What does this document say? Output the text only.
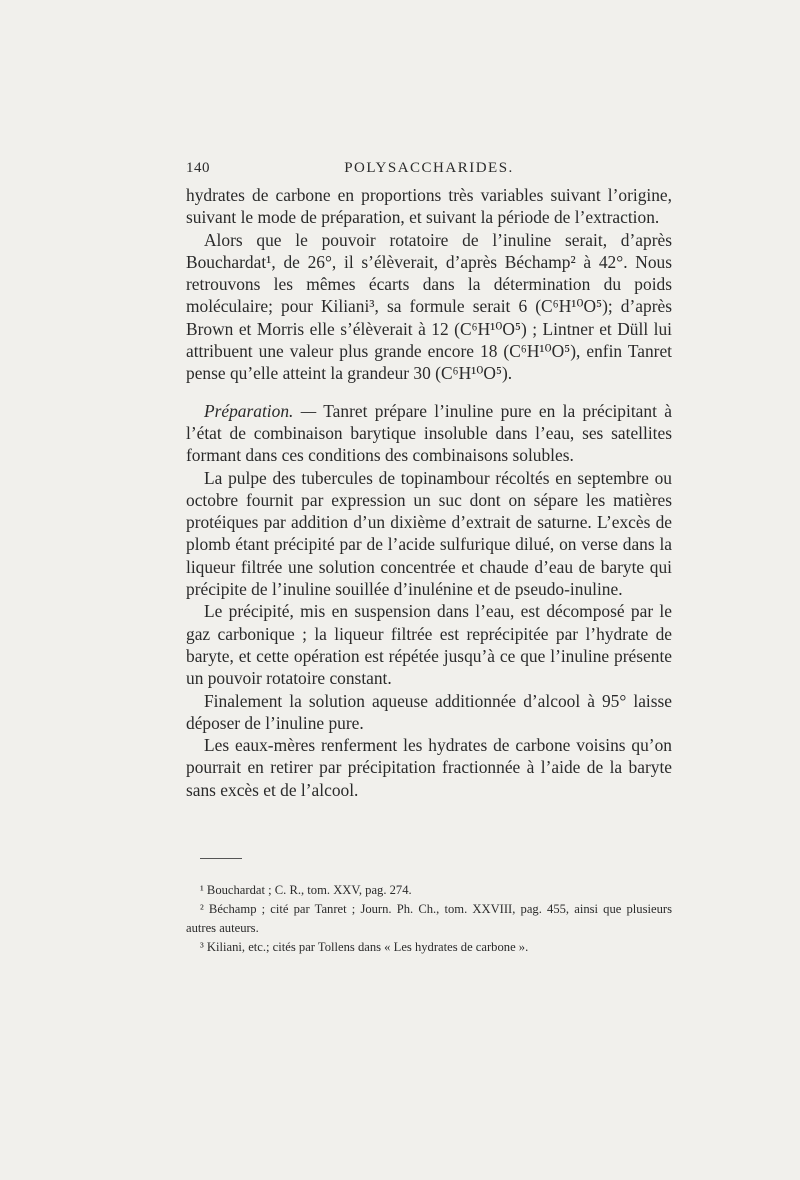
140	POLYSACCHARIDES.

hydrates de carbone en proportions très variables suivant l’origine, suivant le mode de préparation, et suivant la période de l’extraction.

Alors que le pouvoir rotatoire de l’inuline serait, d’après Bouchardat¹, de 26°, il s’élèverait, d’après Béchamp² à 42°. Nous retrouvons les mêmes écarts dans la détermination du poids moléculaire; pour Kiliani³, sa formule serait 6 (C⁶H¹⁰O⁵); d’après Brown et Morris elle s’élèverait à 12 (C⁶H¹⁰O⁵) ; Lintner et Düll lui attribuent une valeur plus grande encore 18 (C⁶H¹⁰O⁵), enfin Tanret pense qu’elle atteint la grandeur 30 (C⁶H¹⁰O⁵).

Préparation. — Tanret prépare l’inuline pure en la précipitant à l’état de combinaison barytique insoluble dans l’eau, ses satellites formant dans ces conditions des combinaisons solubles.

La pulpe des tubercules de topinambour récoltés en septembre ou octobre fournit par expression un suc dont on sépare les matières protéiques par addition d’un dixième d’extrait de saturne. L’excès de plomb étant précipité par de l’acide sulfurique dilué, on verse dans la liqueur filtrée une solution concentrée et chaude d’eau de baryte qui précipite de l’inuline souillée d’inulénine et de pseudo-inuline.

Le précipité, mis en suspension dans l’eau, est décomposé par le gaz carbonique ; la liqueur filtrée est reprécipitée par l’hydrate de baryte, et cette opération est répétée jusqu’à ce que l’inuline présente un pouvoir rotatoire constant.

Finalement la solution aqueuse additionnée d’alcool à 95° laisse déposer de l’inuline pure.

Les eaux-mères renferment les hydrates de carbone voisins qu’on pourrait en retirer par précipitation fractionnée à l’aide de la baryte sans excès et de l’alcool.

¹ Bouchardat ; C. R., tom. XXV, pag. 274.

² Béchamp ; cité par Tanret ; Journ. Ph. Ch., tom. XXVIII, pag. 455, ainsi que plusieurs autres auteurs.

³ Kiliani, etc.; cités par Tollens dans « Les hydrates de carbone ».
